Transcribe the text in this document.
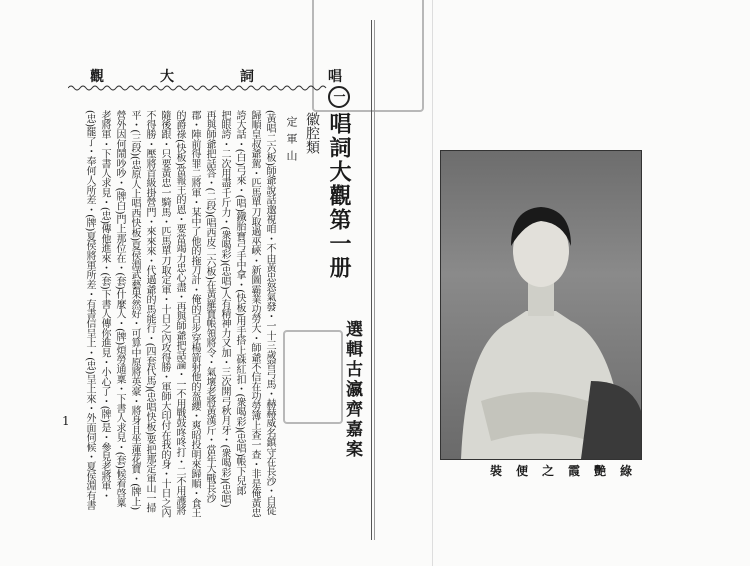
唱
詞
大
觀
一唱詞大觀第一册
徽腔類
定軍山
選輯古瀛齊嘉案
(黃唱二六板)師爺說話邈視咱・不由黃忠怒氣發・一十三歲習弓馬・赫赫威名鎮守在長沙・自從
歸順皇叔爺駕・匹馬單刀取過巫峽・新圖霸業功勞大・師爺不信在功勞簿上查一查・非是俺黃忠
誇大話・(白)弓來・(唱)鐵胎寶弓手中拿・(快板)用手搭上硃紅扣・(衆喝彩)(忠唱)帳下兒郎
把眼誇・二次用盡千斤力・(衆喝彩)(忠唱)人有精神力又加・三次開弓秋月牙・(衆喝彩)(忠唱)
再與師爺把話答・(二段)(唱西皮二六板)在黃羅寶帳領將令・氣壞老將黃漢斤・當年大戰長沙
郡・陣前得罪二將軍・某中了他的拖刀計・俺的百步穿楊箭射他的盔纓・爽昭投明來歸順・食王
的爵祿(快板)當報王的恩・要當竭力忠心盡・再與師爺把話論・一不用戰鼓咚咚打・二不用護將
隨後跟・只要黃忠一騎馬・匹馬單刀取定軍・十日之內攻得勝・軍師大印付在我的身・十日之內
不得勝・壓將首級掛營門・來來來・代過爺的馬能行・(四套代馬)(忠唱快板)要把那定軍山一掃
平・(三段)(忠原人上唱西快板)夏侯淵武藝果然好・可算中原將英豪・將身且坐蓮花寶・(牌上)
營外因何鬧吵吵・(牌白)門上那位在・(套)什麼人・(牌)煩勞通稟・下書人求見・(套)候着啓稟
老將軍・下書人求見・(忠)傳他進來・(套)下書人傳你進見・小心了・(牌)是・參見老將軍・
(忠)罷了・奉何人所差・(牌)夏侯將軍所差・有書信呈上・(忠)呈上來・外面伺候・夏侯淵有書
1
綠艷霞之便裝
